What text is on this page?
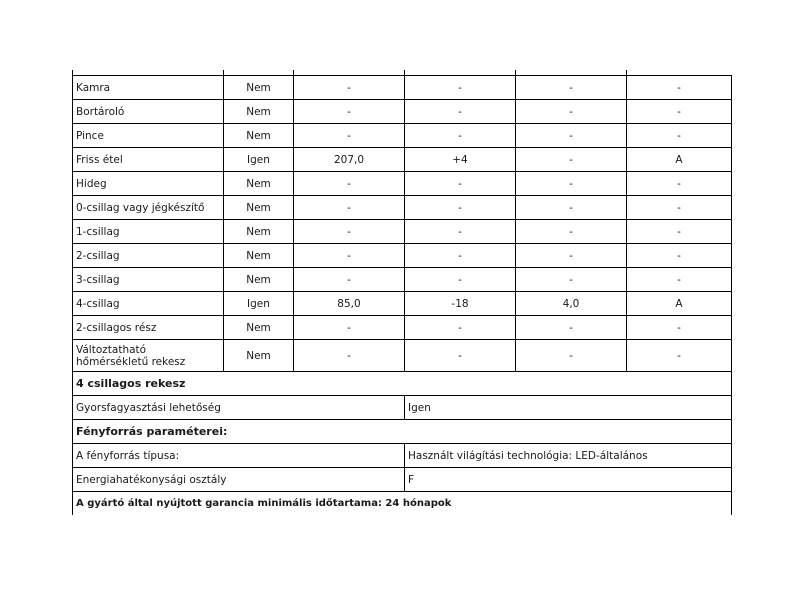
Kamra	Nem	-	-	-	-
Bortároló	Nem	-	-	-	-
Pince	Nem	-	-	-	-
Friss étel	Igen	207,0	+4	-	A
Hideg	Nem	-	-	-	-
0-csillag vagy jégkészítő	Nem	-	-	-	-
1-csillag	Nem	-	-	-	-
2-csillag	Nem	-	-	-	-
3-csillag	Nem	-	-	-	-
4-csillag	Igen	85,0	-18	4,0	A
2-csillagos rész	Nem	-	-	-	-
Változtatható hőmérsékletű rekesz	Nem	-	-	-	-
4 csillagos rekesz					
Gyorsfagyasztási lehetőség			Igen		
Fényforrás paraméterei:					
A fényforrás típusa:			Használt világítási technológia: LED-általános		
Energiahatékonysági osztály			F		
A gyártó által nyújtott garancia minimális időtartama: 24 hónapok					
